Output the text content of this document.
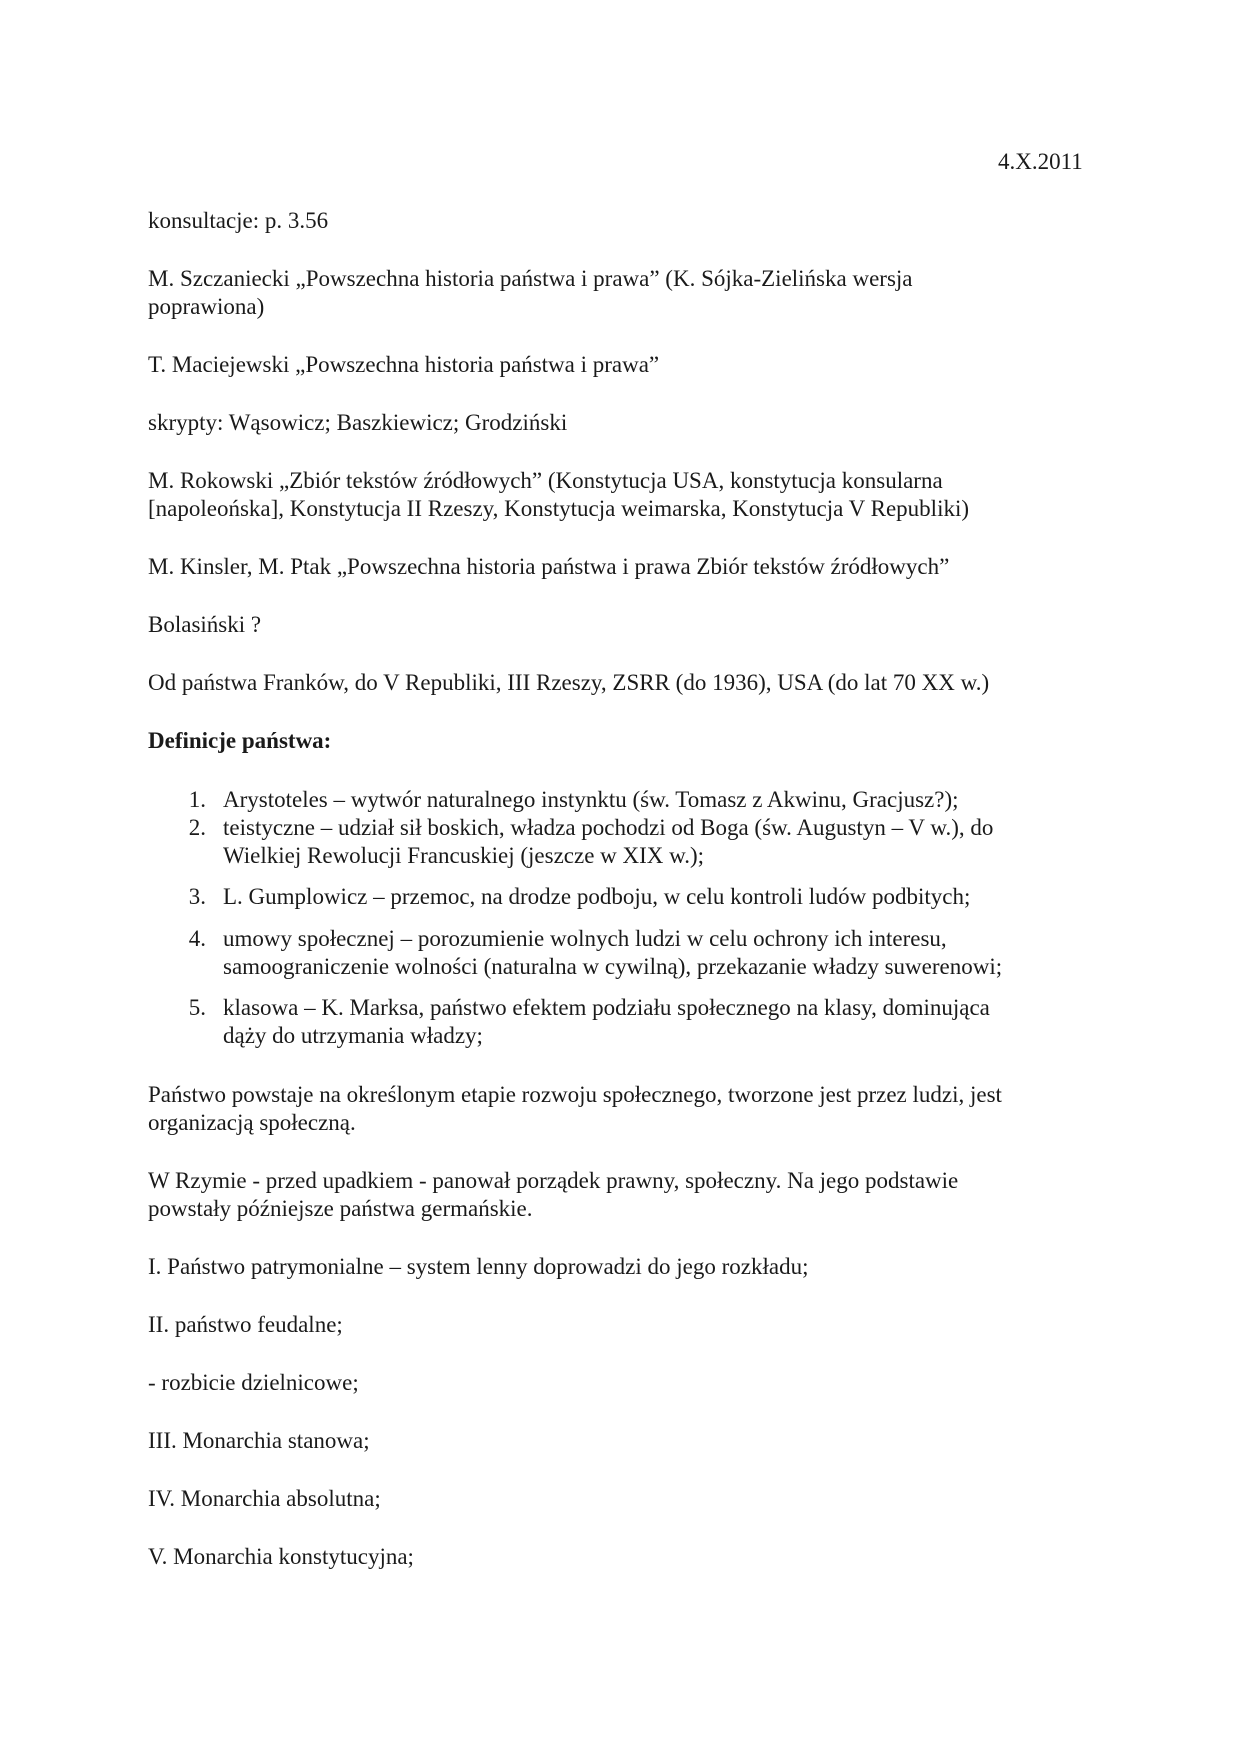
4.X.2011
konsultacje: p. 3.56
M. Szczaniecki „Powszechna historia państwa i prawa” (K. Sójka-Zielińska wersja
poprawiona)
T. Maciejewski „Powszechna historia państwa i prawa”
skrypty: Wąsowicz; Baszkiewicz; Grodziński
M. Rokowski „Zbiór tekstów źródłowych” (Konstytucja USA, konstytucja konsularna
[napoleońska], Konstytucja II Rzeszy, Konstytucja weimarska, Konstytucja V Republiki)
M. Kinsler, M. Ptak „Powszechna historia państwa i prawa Zbiór tekstów źródłowych”
Bolasiński ?
Od państwa Franków, do V Republiki, III Rzeszy, ZSRR (do 1936), USA (do lat 70 XX w.)
Definicje państwa:
1. Arystoteles – wytwór naturalnego instynktu (św. Tomasz z Akwinu, Gracjusz?);
2. teistyczne – udział sił boskich, władza pochodzi od Boga (św. Augustyn – V w.), do
Wielkiej Rewolucji Francuskiej (jeszcze w XIX w.);
3. L. Gumplowicz – przemoc, na drodze podboju, w celu kontroli ludów podbitych;
4. umowy społecznej – porozumienie wolnych ludzi w celu ochrony ich interesu,
samoograniczenie wolności (naturalna w cywilną), przekazanie władzy suwerenowi;
5. klasowa – K. Marksa, państwo efektem podziału społecznego na klasy, dominująca
dąży do utrzymania władzy;
Państwo powstaje na określonym etapie rozwoju społecznego, tworzone jest przez ludzi, jest
organizacją społeczną.
W Rzymie - przed upadkiem - panował porządek prawny, społeczny. Na jego podstawie
powstały późniejsze państwa germańskie.
I. Państwo patrymonialne – system lenny doprowadzi do jego rozkładu;
II. państwo feudalne;
- rozbicie dzielnicowe;
III. Monarchia stanowa;
IV. Monarchia absolutna;
V. Monarchia konstytucyjna;
